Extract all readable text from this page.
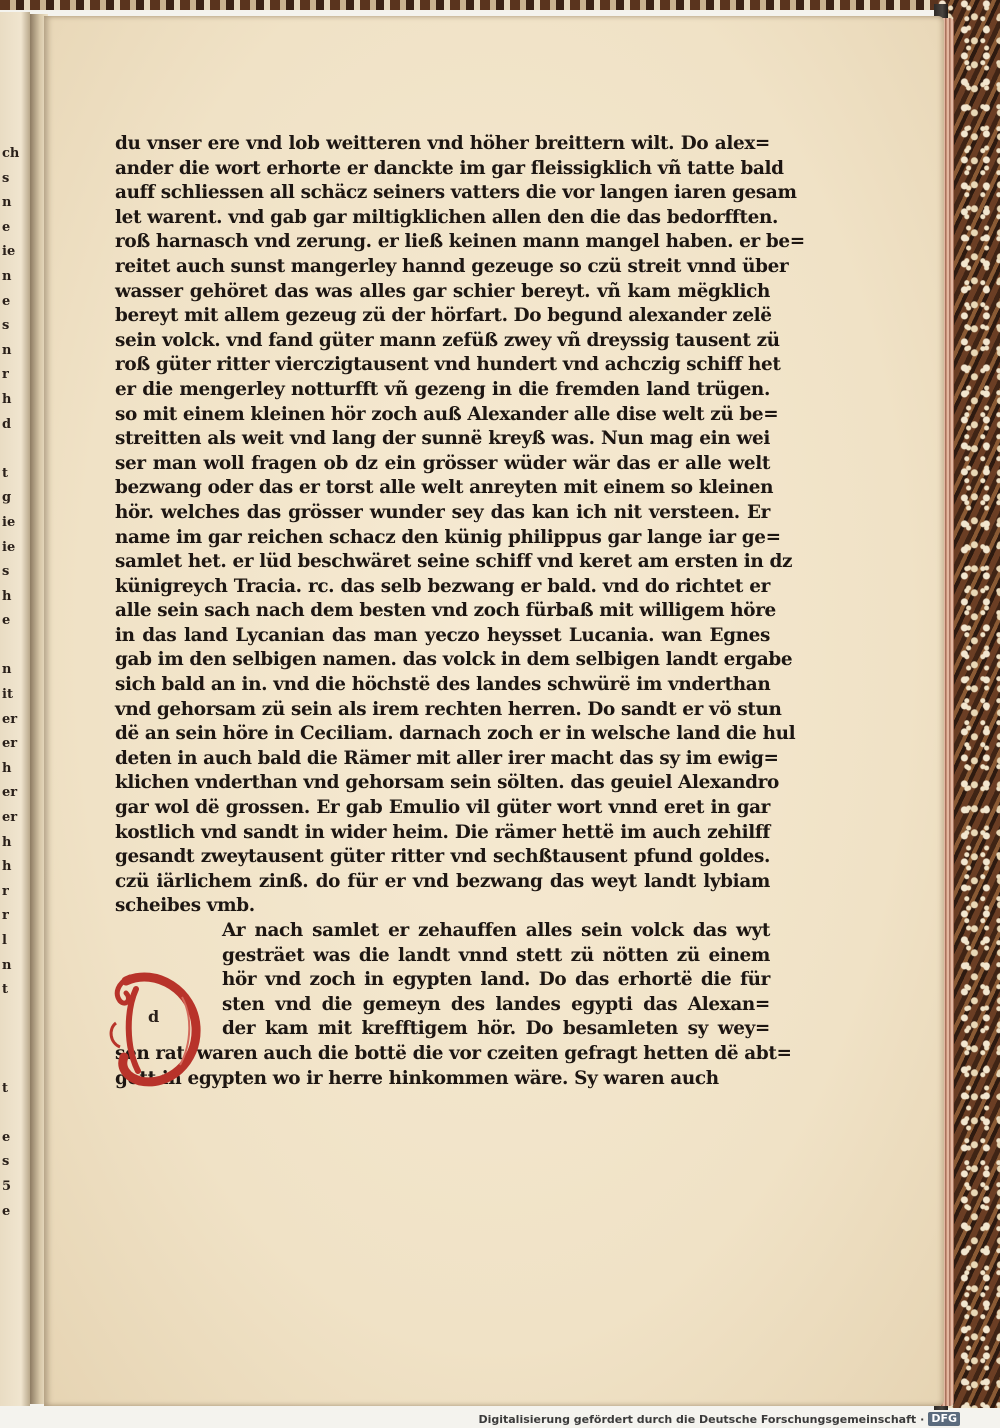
ch
s
n
e
ie
n
e
s
n
r
h
d

t
g
ie
ie
s
h
e

n
it
er
er
h
er
er
h
h
r
r
l
n
t

t

e
s
5
e
du vnser ere vnd lob weitteren vnd höher breittern wilt. Do alex=
ander die wort erhorte er danckte im gar fleissigklich vñ tatte bald
auff schliessen all schäcz seiners vatters die vor langen iaren gesam
let warent. vnd gab gar miltigklichen allen den die das bedorfften.
roß harnasch vnd zerung. er ließ keinen mann mangel haben. er be=
reitet auch sunst mangerley hannd gezeuge so czü streit vnnd über
wasser gehöret das was alles gar schier bereyt. vñ kam mëgklich
bereyt mit allem gezeug zü der hörfart. Do begund alexander zelë
sein volck. vnd fand güter mann zefüß zwey vñ dreyssig tausent zü
roß güter ritter vierczigtausent vnd hundert vnd achczig schiff het
er die mengerley notturfft vñ gezeng in die fremden land trügen.
so mit einem kleinen hör zoch auß Alexander alle dise welt zü be=
streitten als weit vnd lang der sunnë kreyß was. Nun mag ein wei
ser man woll fragen ob dz ein grösser wüder wär das er alle welt
bezwang oder das er torst alle welt anreyten mit einem so kleinen
hör. welches das grösser wunder sey das kan ich nit versteen. Er
name im gar reichen schacz den künig philippus gar lange iar ge=
samlet het. er lüd beschwäret seine schiff vnd keret am ersten in dz
künigreych Tracia. rc. das selb bezwang er bald. vnd do richtet er
alle sein sach nach dem besten vnd zoch fürbaß mit willigem höre
in das land Lycanian das man yeczo heysset Lucania. wan Egnes
gab im den selbigen namen. das volck in dem selbigen landt ergabe
sich bald an in. vnd die höchstë des landes schwürë im vnderthan
vnd gehorsam zü sein als irem rechten herren. Do sandt er vö stun
dë an sein höre in Ceciliam. darnach zoch er in welsche land die hul
deten in auch bald die Rämer mit aller irer macht das sy im ewig=
klichen vnderthan vnd gehorsam sein sölten. das geuiel Alexandro
gar wol dë grossen. Er gab Emulio vil güter wort vnnd eret in gar
kostlich vnd sandt in wider heim. Die rämer hettë im auch zehilff
gesandt zweytausent güter ritter vnd sechßtausent pfund goldes.
czü iärlichem zinß. do für er vnd bezwang das weyt landt lybiam
scheibes vmb.
Ar nach samlet er zehauffen alles sein volck das wyt
gesträet was die landt vnnd stett zü nötten zü einem
hör vnd zoch in egypten land. Do das erhortë die für
sten vnd die gemeyn des landes egypti das Alexan=
der kam mit krefftigem hör. Do besamleten sy wey=
sen rat. waren auch die bottë die vor czeiten gefragt hetten dë abt=
gott in egypten wo ir herre hinkommen wäre. Sy waren auch
d
Digitalisierung gefördert durch die Deutsche Forschungsgemeinschaft · DFG
